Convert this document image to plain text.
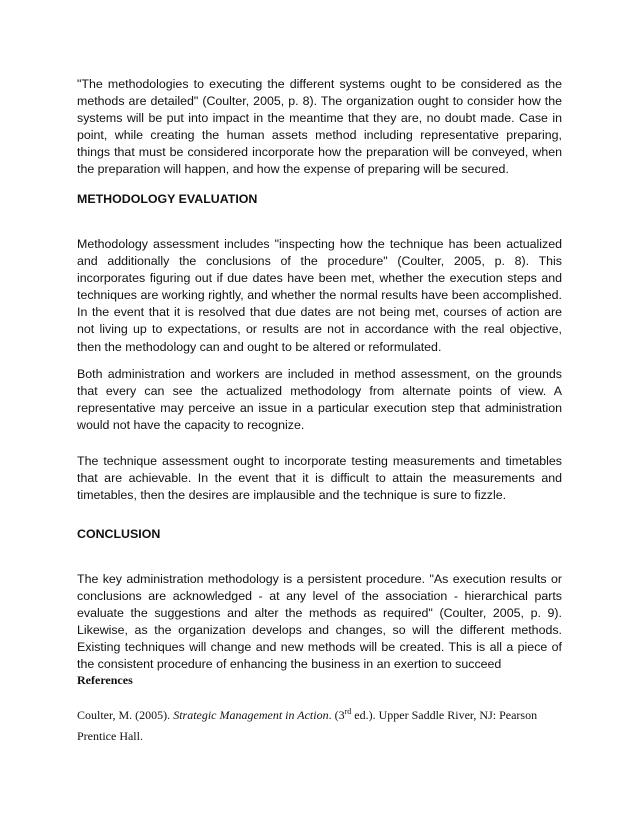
"The methodologies to executing the different systems ought to be considered as the methods are detailed" (Coulter, 2005, p. 8). The organization ought to consider how the systems will be put into impact in the meantime that they are, no doubt made. Case in point, while creating the human assets method including representative preparing, things that must be considered incorporate how the preparation will be conveyed, when the preparation will happen, and how the expense of preparing will be secured.

METHODOLOGY EVALUATION

Methodology assessment includes "inspecting how the technique has been actualized and additionally the conclusions of the procedure" (Coulter, 2005, p. 8). This incorporates figuring out if due dates have been met, whether the execution steps and techniques are working rightly, and whether the normal results have been accomplished. In the event that it is resolved that due dates are not being met, courses of action are not living up to expectations, or results are not in accordance with the real objective, then the methodology can and ought to be altered or reformulated.

Both administration and workers are included in method assessment, on the grounds that every can see the actualized methodology from alternate points of view. A representative may perceive an issue in a particular execution step that administration would not have the capacity to recognize.

The technique assessment ought to incorporate testing measurements and timetables that are achievable. In the event that it is difficult to attain the measurements and timetables, then the desires are implausible and the technique is sure to fizzle.

CONCLUSION

The key administration methodology is a persistent procedure. "As execution results or conclusions are acknowledged - at any level of the association - hierarchical parts evaluate the suggestions and alter the methods as required" (Coulter, 2005, p. 9). Likewise, as the organization develops and changes, so will the different methods. Existing techniques will change and new methods will be created. This is all a piece of the consistent procedure of enhancing the business in an exertion to succeed

References

Coulter, M. (2005). Strategic Management in Action. (3rd ed.). Upper Saddle River, NJ: Pearson Prentice Hall.
